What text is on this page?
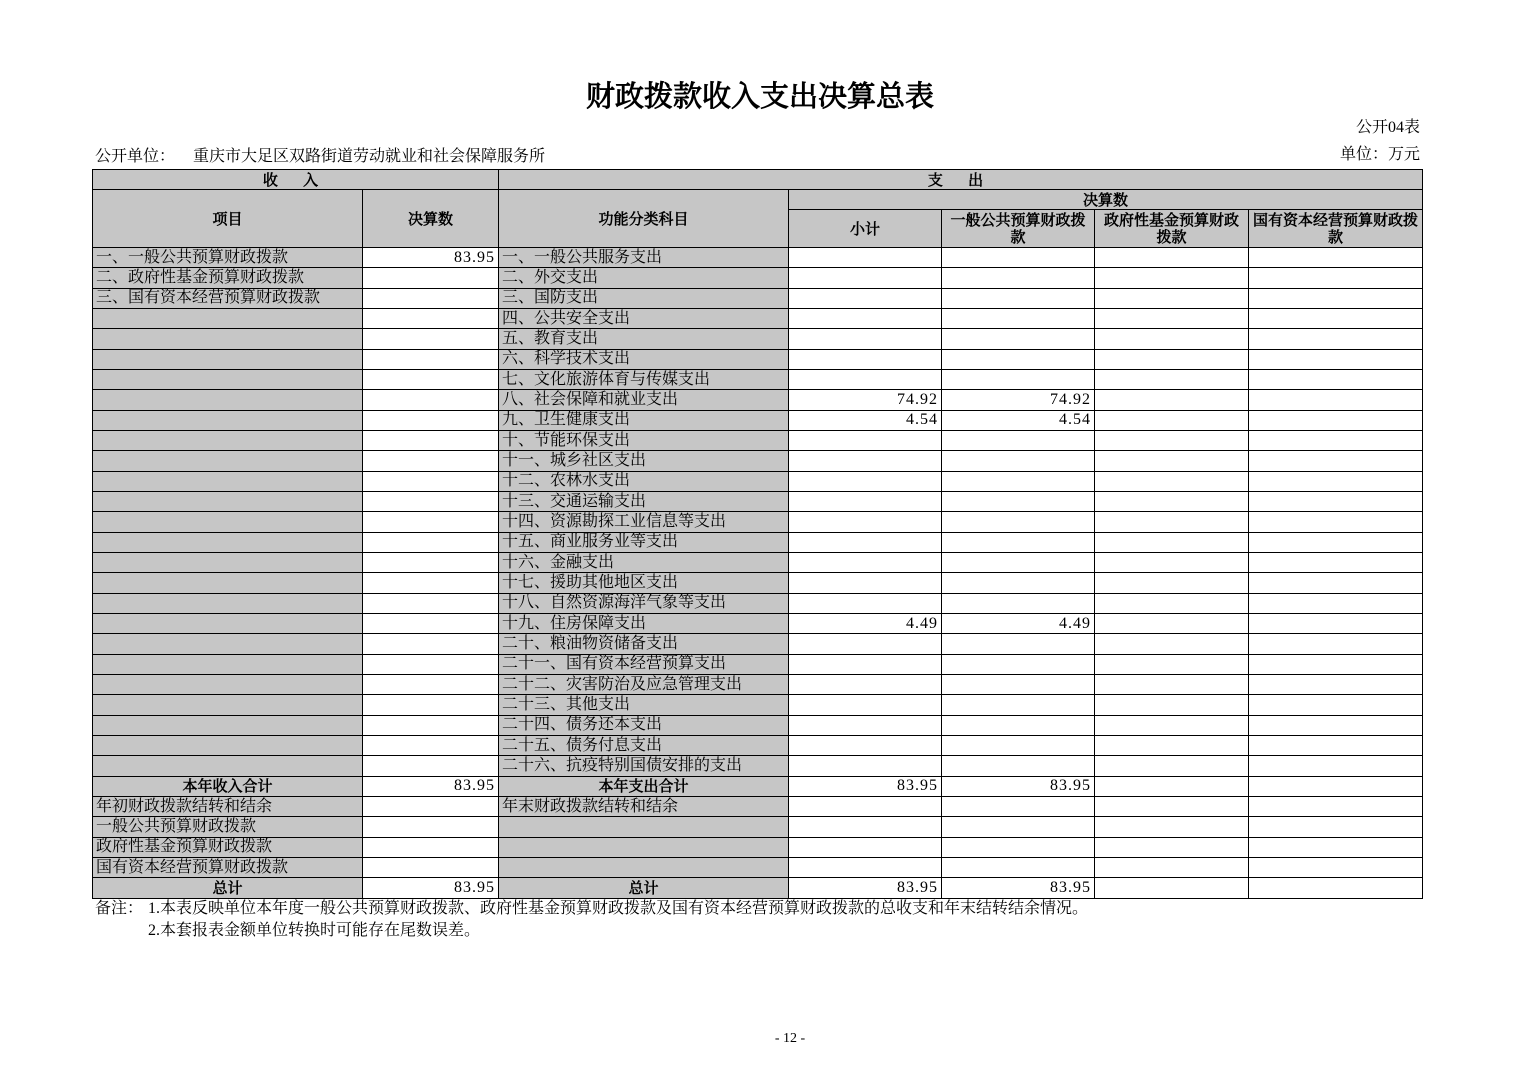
财政拨款收入支出决算总表
公开04表
公开单位： 重庆市大足区双路街道劳动就业和社会保障服务所	单位：万元
收 入		支 出				
项目	决算数	功能分类科目	决算数			
			小计	一般公共预算财政拨款	政府性基金预算财政拨款	国有资本经营预算财政拨款
一、一般公共预算财政拨款	83.95	一、一般公共服务支出				
二、政府性基金预算财政拨款		二、外交支出				
三、国有资本经营预算财政拨款		三、国防支出				
		四、公共安全支出				
		五、教育支出				
		六、科学技术支出				
		七、文化旅游体育与传媒支出				
		八、社会保障和就业支出	74.92	74.92		
		九、卫生健康支出	4.54	4.54		
		十、节能环保支出				
		十一、城乡社区支出				
		十二、农林水支出				
		十三、交通运输支出				
		十四、资源勘探工业信息等支出				
		十五、商业服务业等支出				
		十六、金融支出				
		十七、援助其他地区支出				
		十八、自然资源海洋气象等支出				
		十九、住房保障支出	4.49	4.49		
		二十、粮油物资储备支出				
		二十一、国有资本经营预算支出				
		二十二、灾害防治及应急管理支出				
		二十三、其他支出				
		二十四、债务还本支出				
		二十五、债务付息支出				
		二十六、抗疫特别国债安排的支出				
本年收入合计	83.95	本年支出合计	83.95	83.95		
年初财政拨款结转和结余		年末财政拨款结转和结余				
一般公共预算财政拨款						
政府性基金预算财政拨款						
国有资本经营预算财政拨款						
总计	83.95	总计	83.95	83.95		
备注： 1.本表反映单位本年度一般公共预算财政拨款、政府性基金预算财政拨款及国有资本经营预算财政拨款的总收支和年末结转结余情况。
2.本套报表金额单位转换时可能存在尾数误差。
- 12 -
